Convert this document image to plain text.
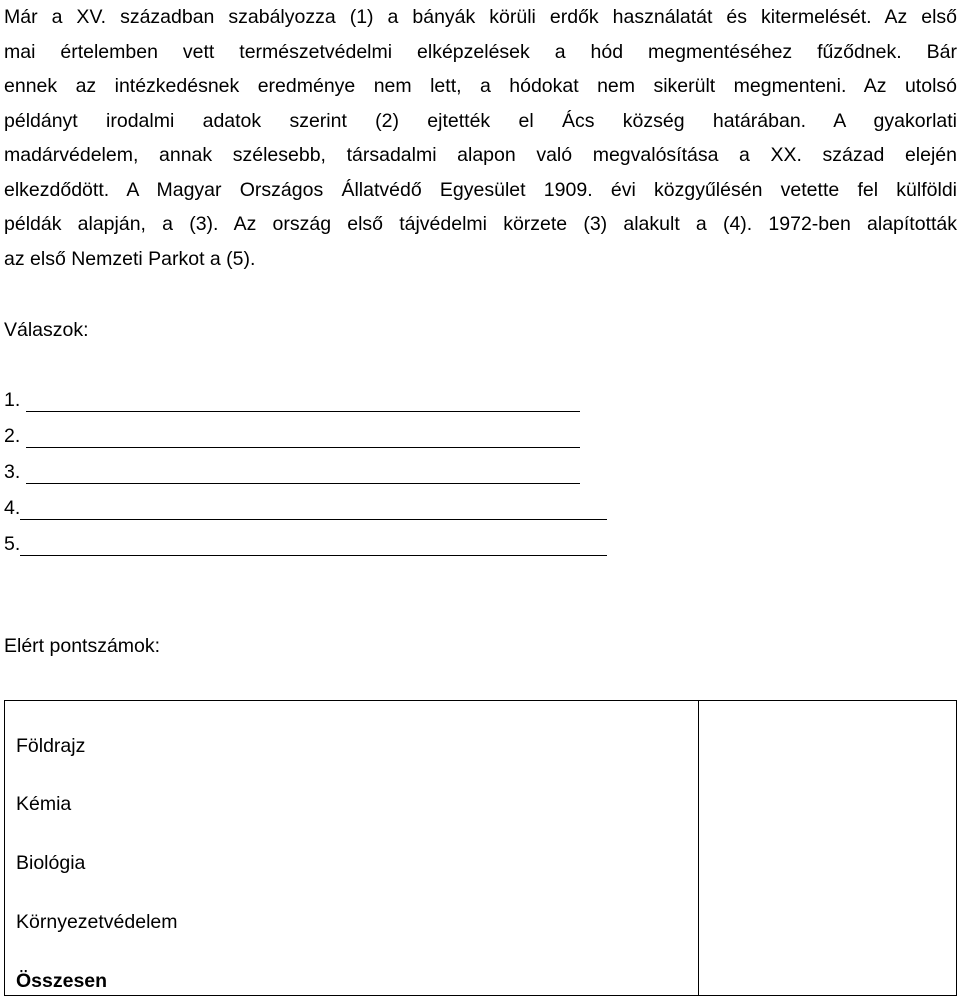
Már a XV. században szabályozza (1) a bányák körüli erdők használatát és kitermelését. Az első
mai értelemben vett természetvédelmi elképzelések a hód megmentéséhez fűződnek. Bár
ennek az intézkedésnek eredménye nem lett, a hódokat nem sikerült megmenteni. Az utolsó
példányt irodalmi adatok szerint (2) ejtették el Ács község határában. A gyakorlati
madárvédelem, annak szélesebb, társadalmi alapon való megvalósítása a XX. század elején
elkezdődött. A Magyar Országos Állatvédő Egyesület 1909. évi közgyűlésén vetette fel külföldi
példák alapján, a (3). Az ország első tájvédelmi körzete (3) alakult a (4). 1972-ben alapították
az első Nemzeti Parkot a (5).
Válaszok:
1.
2.
3.
4.
5.
Elért pontszámok:
Földrajz
Kémia
Biológia
Környezetvédelem
Összesen
